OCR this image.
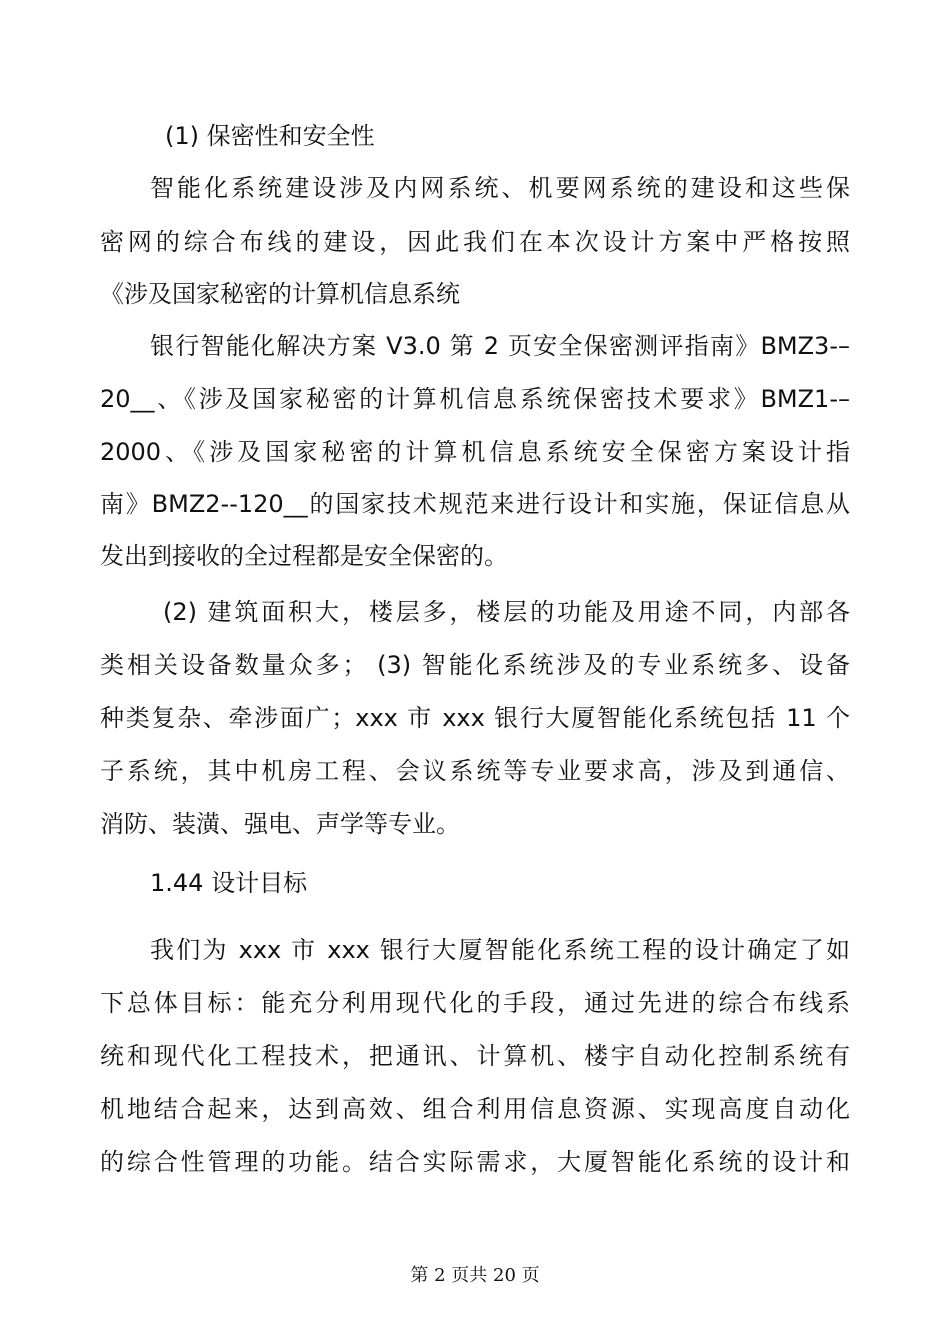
(1) 保密性和安全性
智能化系统建设涉及内网系统、机要网系统的建设和这些保
密网的综合布线的建设，因此我们在本次设计方案中严格按照
《涉及国家秘密的计算机信息系统
银行智能化解决方案 V3.0 第 2 页安全保密测评指南》BMZ3-–
20__、《涉及国家秘密的计算机信息系统保密技术要求》BMZ1-–
2000、《涉及国家秘密的计算机信息系统安全保密方案设计指
南》BMZ2--120__的国家技术规范来进行设计和实施，保证信息从
发出到接收的全过程都是安全保密的。
(2) 建筑面积大，楼层多，楼层的功能及用途不同，内部各
类相关设备数量众多； (3) 智能化系统涉及的专业系统多、设备
种类复杂、牵涉面广；xxx 市 xxx 银行大厦智能化系统包括 11 个
子系统，其中机房工程、会议系统等专业要求高，涉及到通信、
消防、装潢、强电、声学等专业。
1.44 设计目标
我们为 xxx 市 xxx 银行大厦智能化系统工程的设计确定了如
下总体目标：能充分利用现代化的手段，通过先进的综合布线系
统和现代化工程技术，把通讯、计算机、楼宇自动化控制系统有
机地结合起来，达到高效、组合利用信息资源、实现高度自动化
的综合性管理的功能。结合实际需求，大厦智能化系统的设计和
第 2 页共 20 页
